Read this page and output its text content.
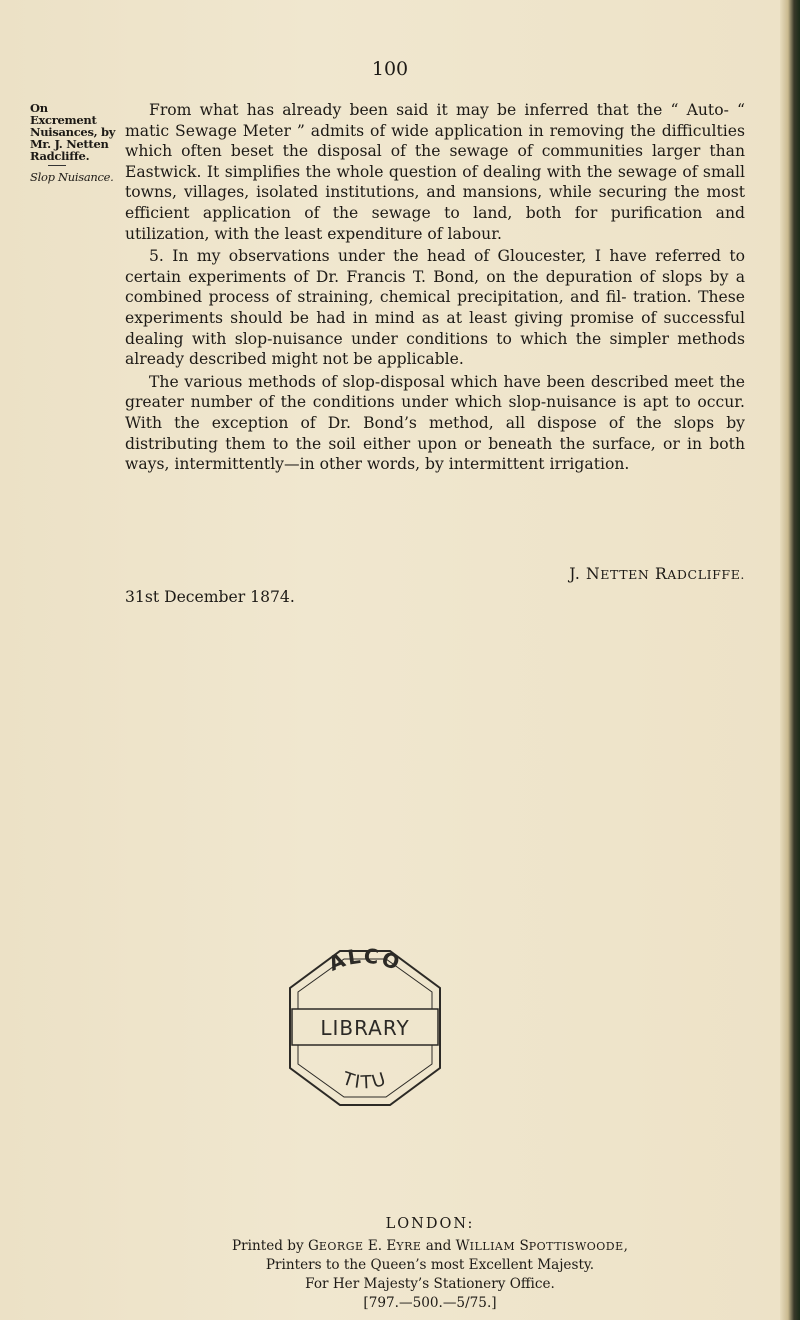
100
On Excrement
Nuisances, by
Mr. J. Netten
Radcliffe.
Slop Nuisance.

From what has already been said it may be inferred that the “ Auto- “ matic Sewage Meter ” admits of wide application in removing the difficulties which often beset the disposal of the sewage of communities larger than Eastwick. It simplifies the whole question of dealing with the sewage of small towns, villages, isolated institutions, and mansions, while securing the most efficient application of the sewage to land, both for purification and utilization, with the least expenditure of labour.

5. In my observations under the head of Gloucester, I have referred to certain experiments of Dr. Francis T. Bond, on the depuration of slops by a combined process of straining, chemical precipitation, and fil- tration. These experiments should be had in mind as at least giving promise of successful dealing with slop-nuisance under conditions to which the simpler methods already described might not be applicable.

The various methods of slop-disposal which have been described meet the greater number of the conditions under which slop-nuisance is apt to occur. With the exception of Dr. Bond’s method, all dispose of the slops by distributing them to the soil either upon or beneath the surface, or in both ways, intermittently—in other words, by intermittent irrigation.

J. NETTEN RADCLIFFE.
31st December 1874.
ALCO
LIBRARY
TITU
LONDON:
Printed by GEORGE E. EYRE and WILLIAM SPOTTISWOODE,
Printers to the Queen’s most Excellent Majesty.
For Her Majesty’s Stationery Office.
[797.—500.—5/75.]
